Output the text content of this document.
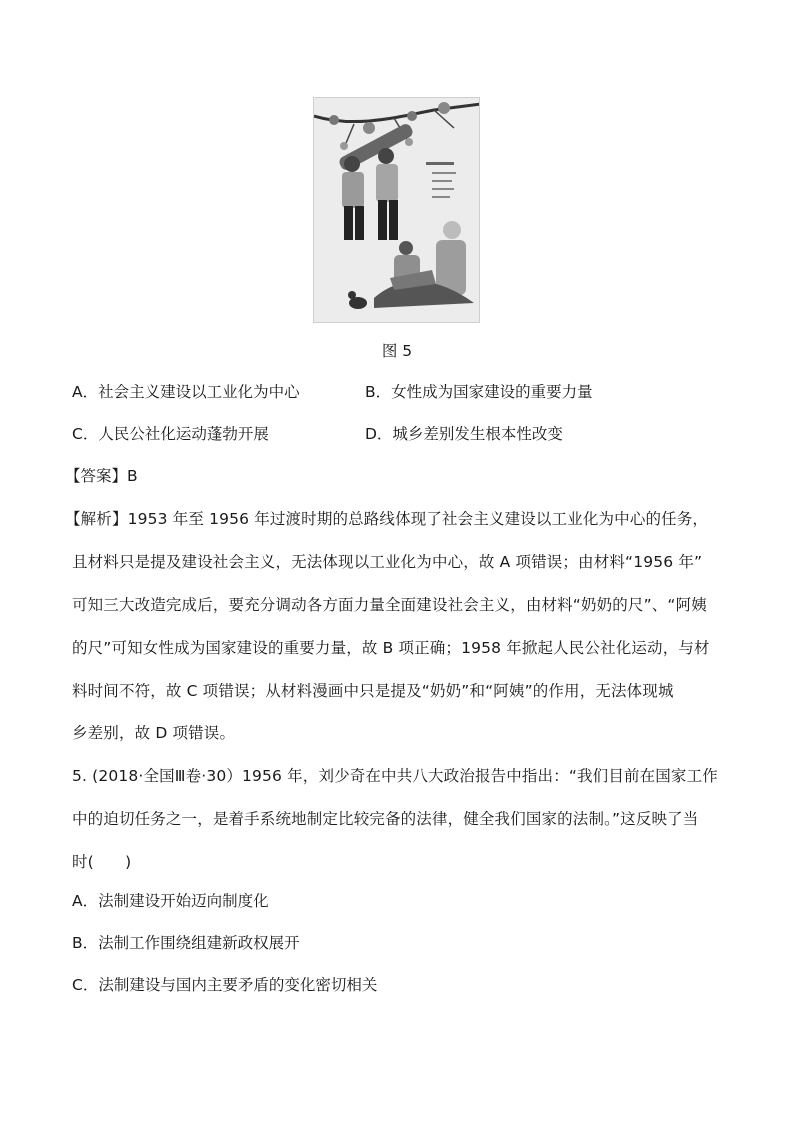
图 5
A．社会主义建设以工业化为中心	B．女性成为国家建设的重要力量
C．人民公社化运动蓬勃开展	D．城乡差别发生根本性改变
【答案】B
【解析】1953 年至 1956 年过渡时期的总路线体现了社会主义建设以工业化为中心的任务，
且材料只是提及建设社会主义，无法体现以工业化为中心，故 A 项错误；由材料“1956 年”
可知三大改造完成后，要充分调动各方面力量全面建设社会主义，由材料“奶奶的尺”、“阿姨
的尺”可知女性成为国家建设的重要力量，故 B 项正确；1958 年掀起人民公社化运动，与材
料时间不符，故 C 项错误；从材料漫画中只是提及“奶奶”和“阿姨”的作用，无法体现城
乡差别，故 D 项错误。
5. (2018·全国Ⅲ卷·30）1956 年，刘少奇在中共八大政治报告中指出：“我们目前在国家工作
中的迫切任务之一，是着手系统地制定比较完备的法律，健全我们国家的法制。”这反映了当
时(　　)
A．法制建设开始迈向制度化
B．法制工作围绕组建新政权展开
C．法制建设与国内主要矛盾的变化密切相关
